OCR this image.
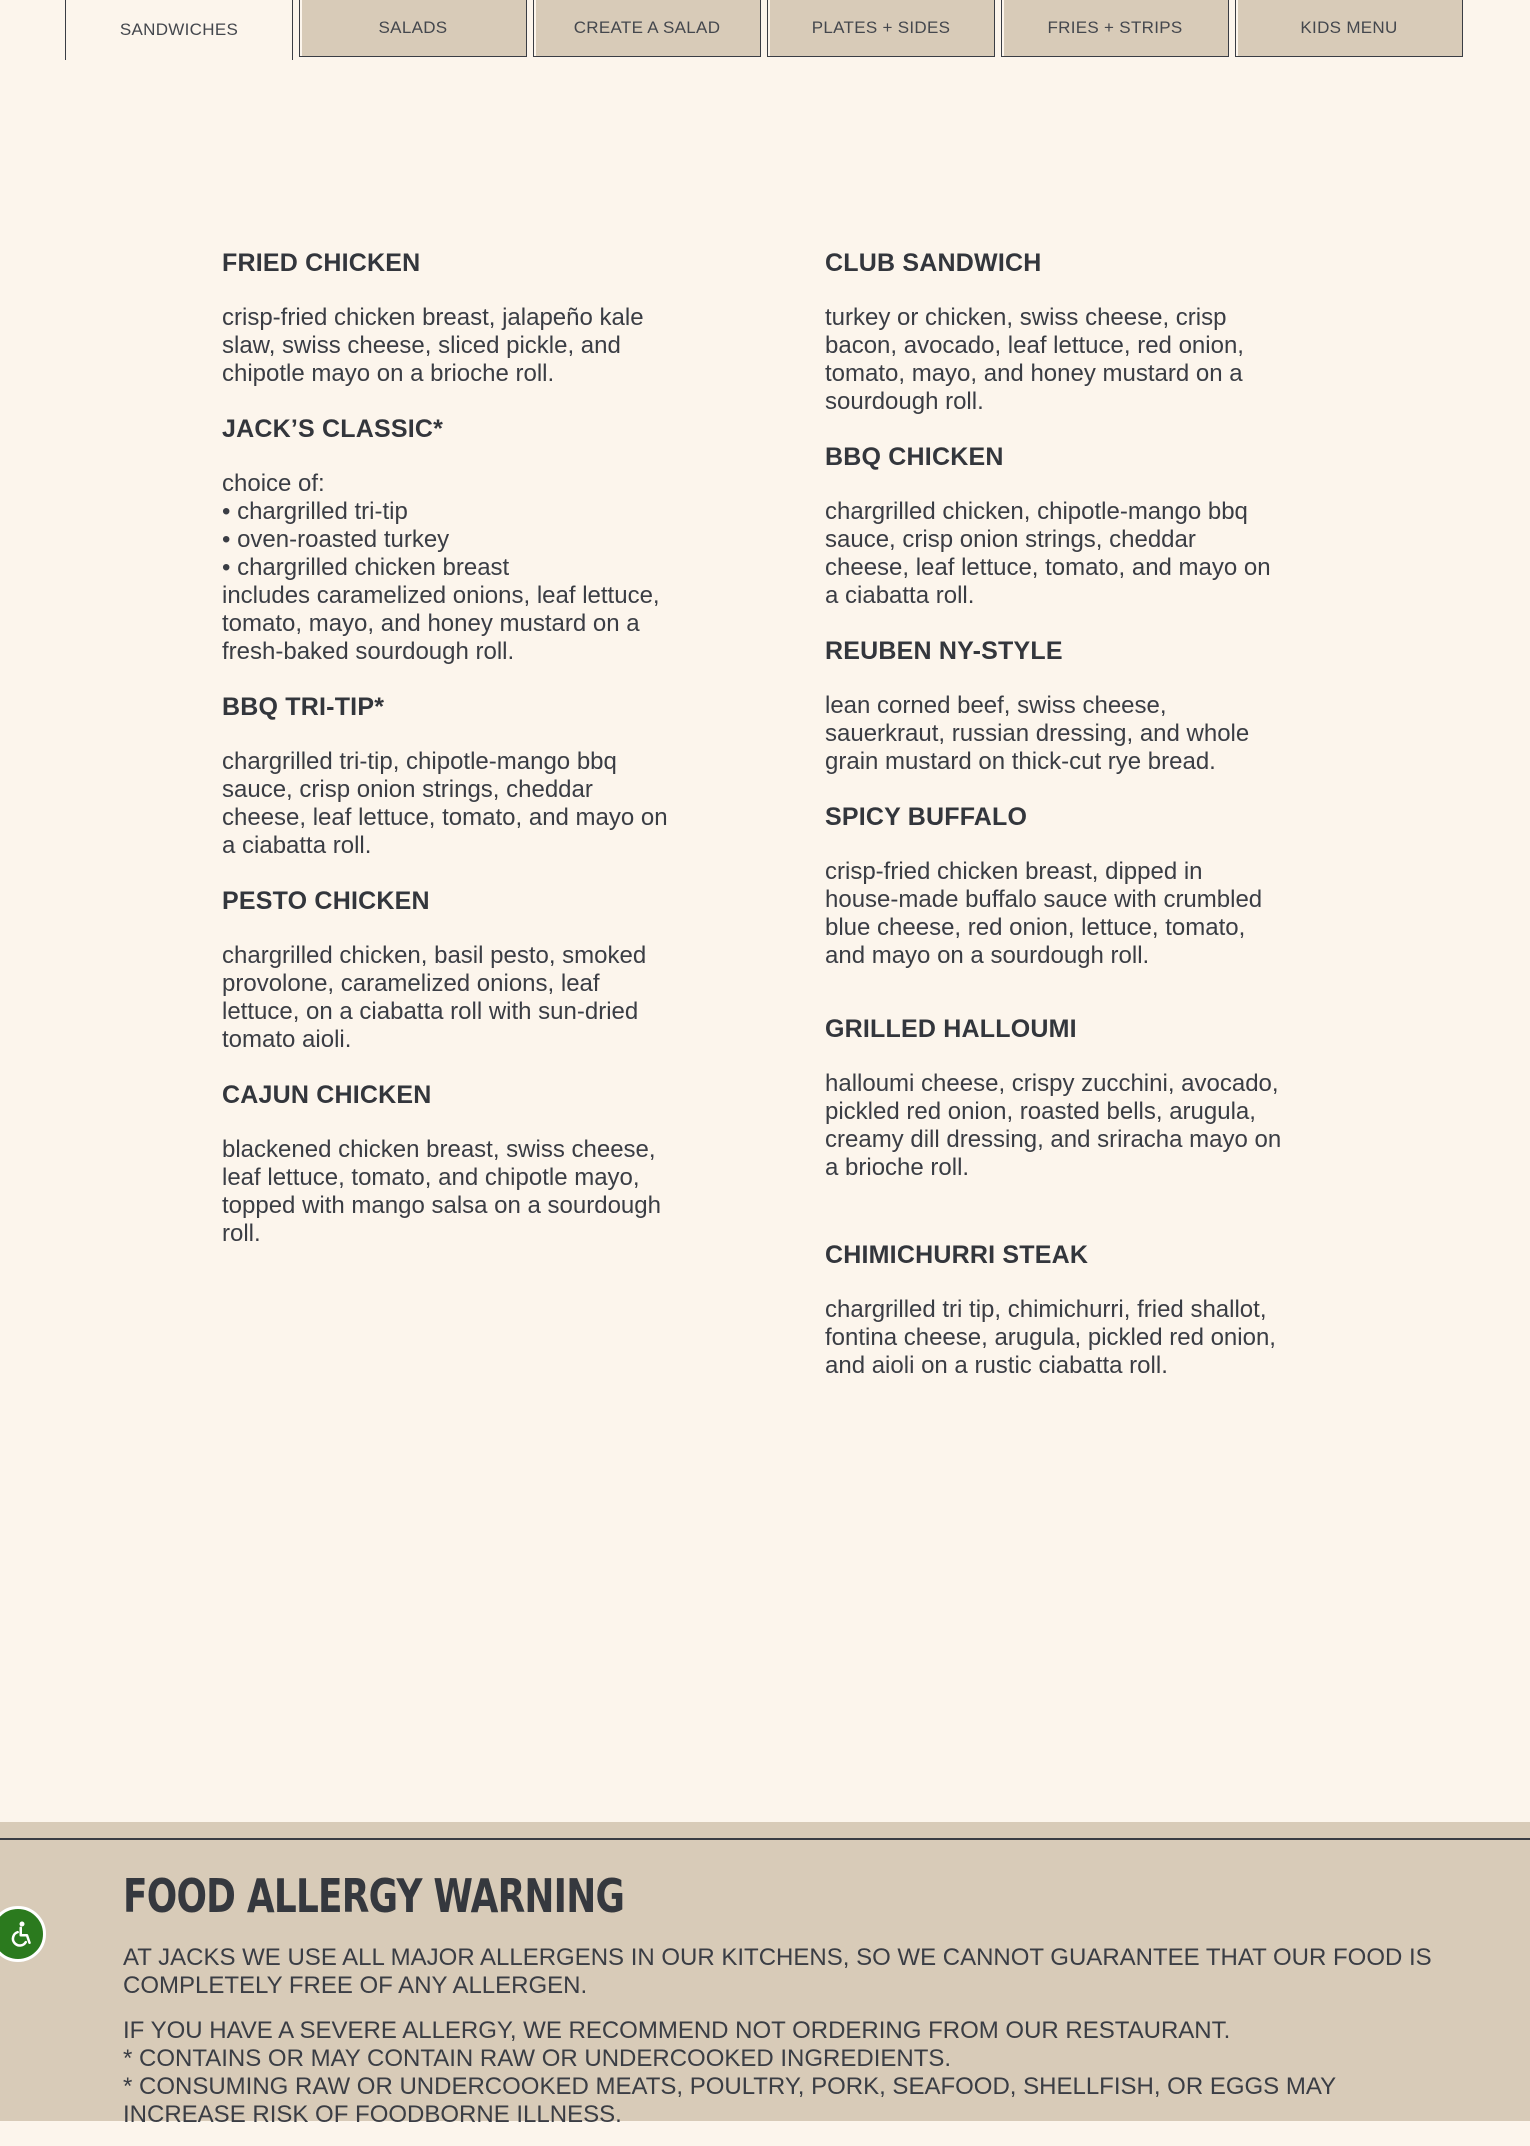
SANDWICHES	SALADS	CREATE A SALAD	PLATES + SIDES	FRIES + STRIPS	KIDS MENU
FRIED CHICKEN

crisp-fried chicken breast, jalapeño kale
slaw, swiss cheese, sliced pickle, and
chipotle mayo on a brioche roll.

JACK’S CLASSIC*

choice of:
• chargrilled tri-tip
• oven-roasted turkey
• chargrilled chicken breast
includes caramelized onions, leaf lettuce,
tomato, mayo, and honey mustard on a
fresh-baked sourdough roll.

BBQ TRI-TIP*

chargrilled tri-tip, chipotle-mango bbq
sauce, crisp onion strings, cheddar
cheese, leaf lettuce, tomato, and mayo on
a ciabatta roll.

PESTO CHICKEN

chargrilled chicken, basil pesto, smoked
provolone, caramelized onions, leaf
lettuce, on a ciabatta roll with sun-dried
tomato aioli.

CAJUN CHICKEN

blackened chicken breast, swiss cheese,
leaf lettuce, tomato, and chipotle mayo,
topped with mango salsa on a sourdough
roll.

CLUB SANDWICH

turkey or chicken, swiss cheese, crisp
bacon, avocado, leaf lettuce, red onion,
tomato, mayo, and honey mustard on a
sourdough roll.

BBQ CHICKEN

chargrilled chicken, chipotle-mango bbq
sauce, crisp onion strings, cheddar
cheese, leaf lettuce, tomato, and mayo on
a ciabatta roll.

REUBEN NY-STYLE

lean corned beef, swiss cheese,
sauerkraut, russian dressing, and whole
grain mustard on thick-cut rye bread.

SPICY BUFFALO

crisp-fried chicken breast, dipped in
house-made buffalo sauce with crumbled
blue cheese, red onion, lettuce, tomato,
and mayo on a sourdough roll.

GRILLED HALLOUMI

halloumi cheese, crispy zucchini, avocado,
pickled red onion, roasted bells, arugula,
creamy dill dressing, and sriracha mayo on
a brioche roll.

CHIMICHURRI STEAK

chargrilled tri tip, chimichurri, fried shallot,
fontina cheese, arugula, pickled red onion,
and aioli on a rustic ciabatta roll.

FOOD ALLERGY WARNING

AT JACKS WE USE ALL MAJOR ALLERGENS IN OUR KITCHENS, SO WE CANNOT GUARANTEE THAT OUR FOOD IS COMPLETELY FREE OF ANY ALLERGEN.

IF YOU HAVE A SEVERE ALLERGY, WE RECOMMEND NOT ORDERING FROM OUR RESTAURANT.
* CONTAINS OR MAY CONTAIN RAW OR UNDERCOOKED INGREDIENTS.
* CONSUMING RAW OR UNDERCOOKED MEATS, POULTRY, PORK, SEAFOOD, SHELLFISH, OR EGGS MAY INCREASE RISK OF FOODBORNE ILLNESS.
